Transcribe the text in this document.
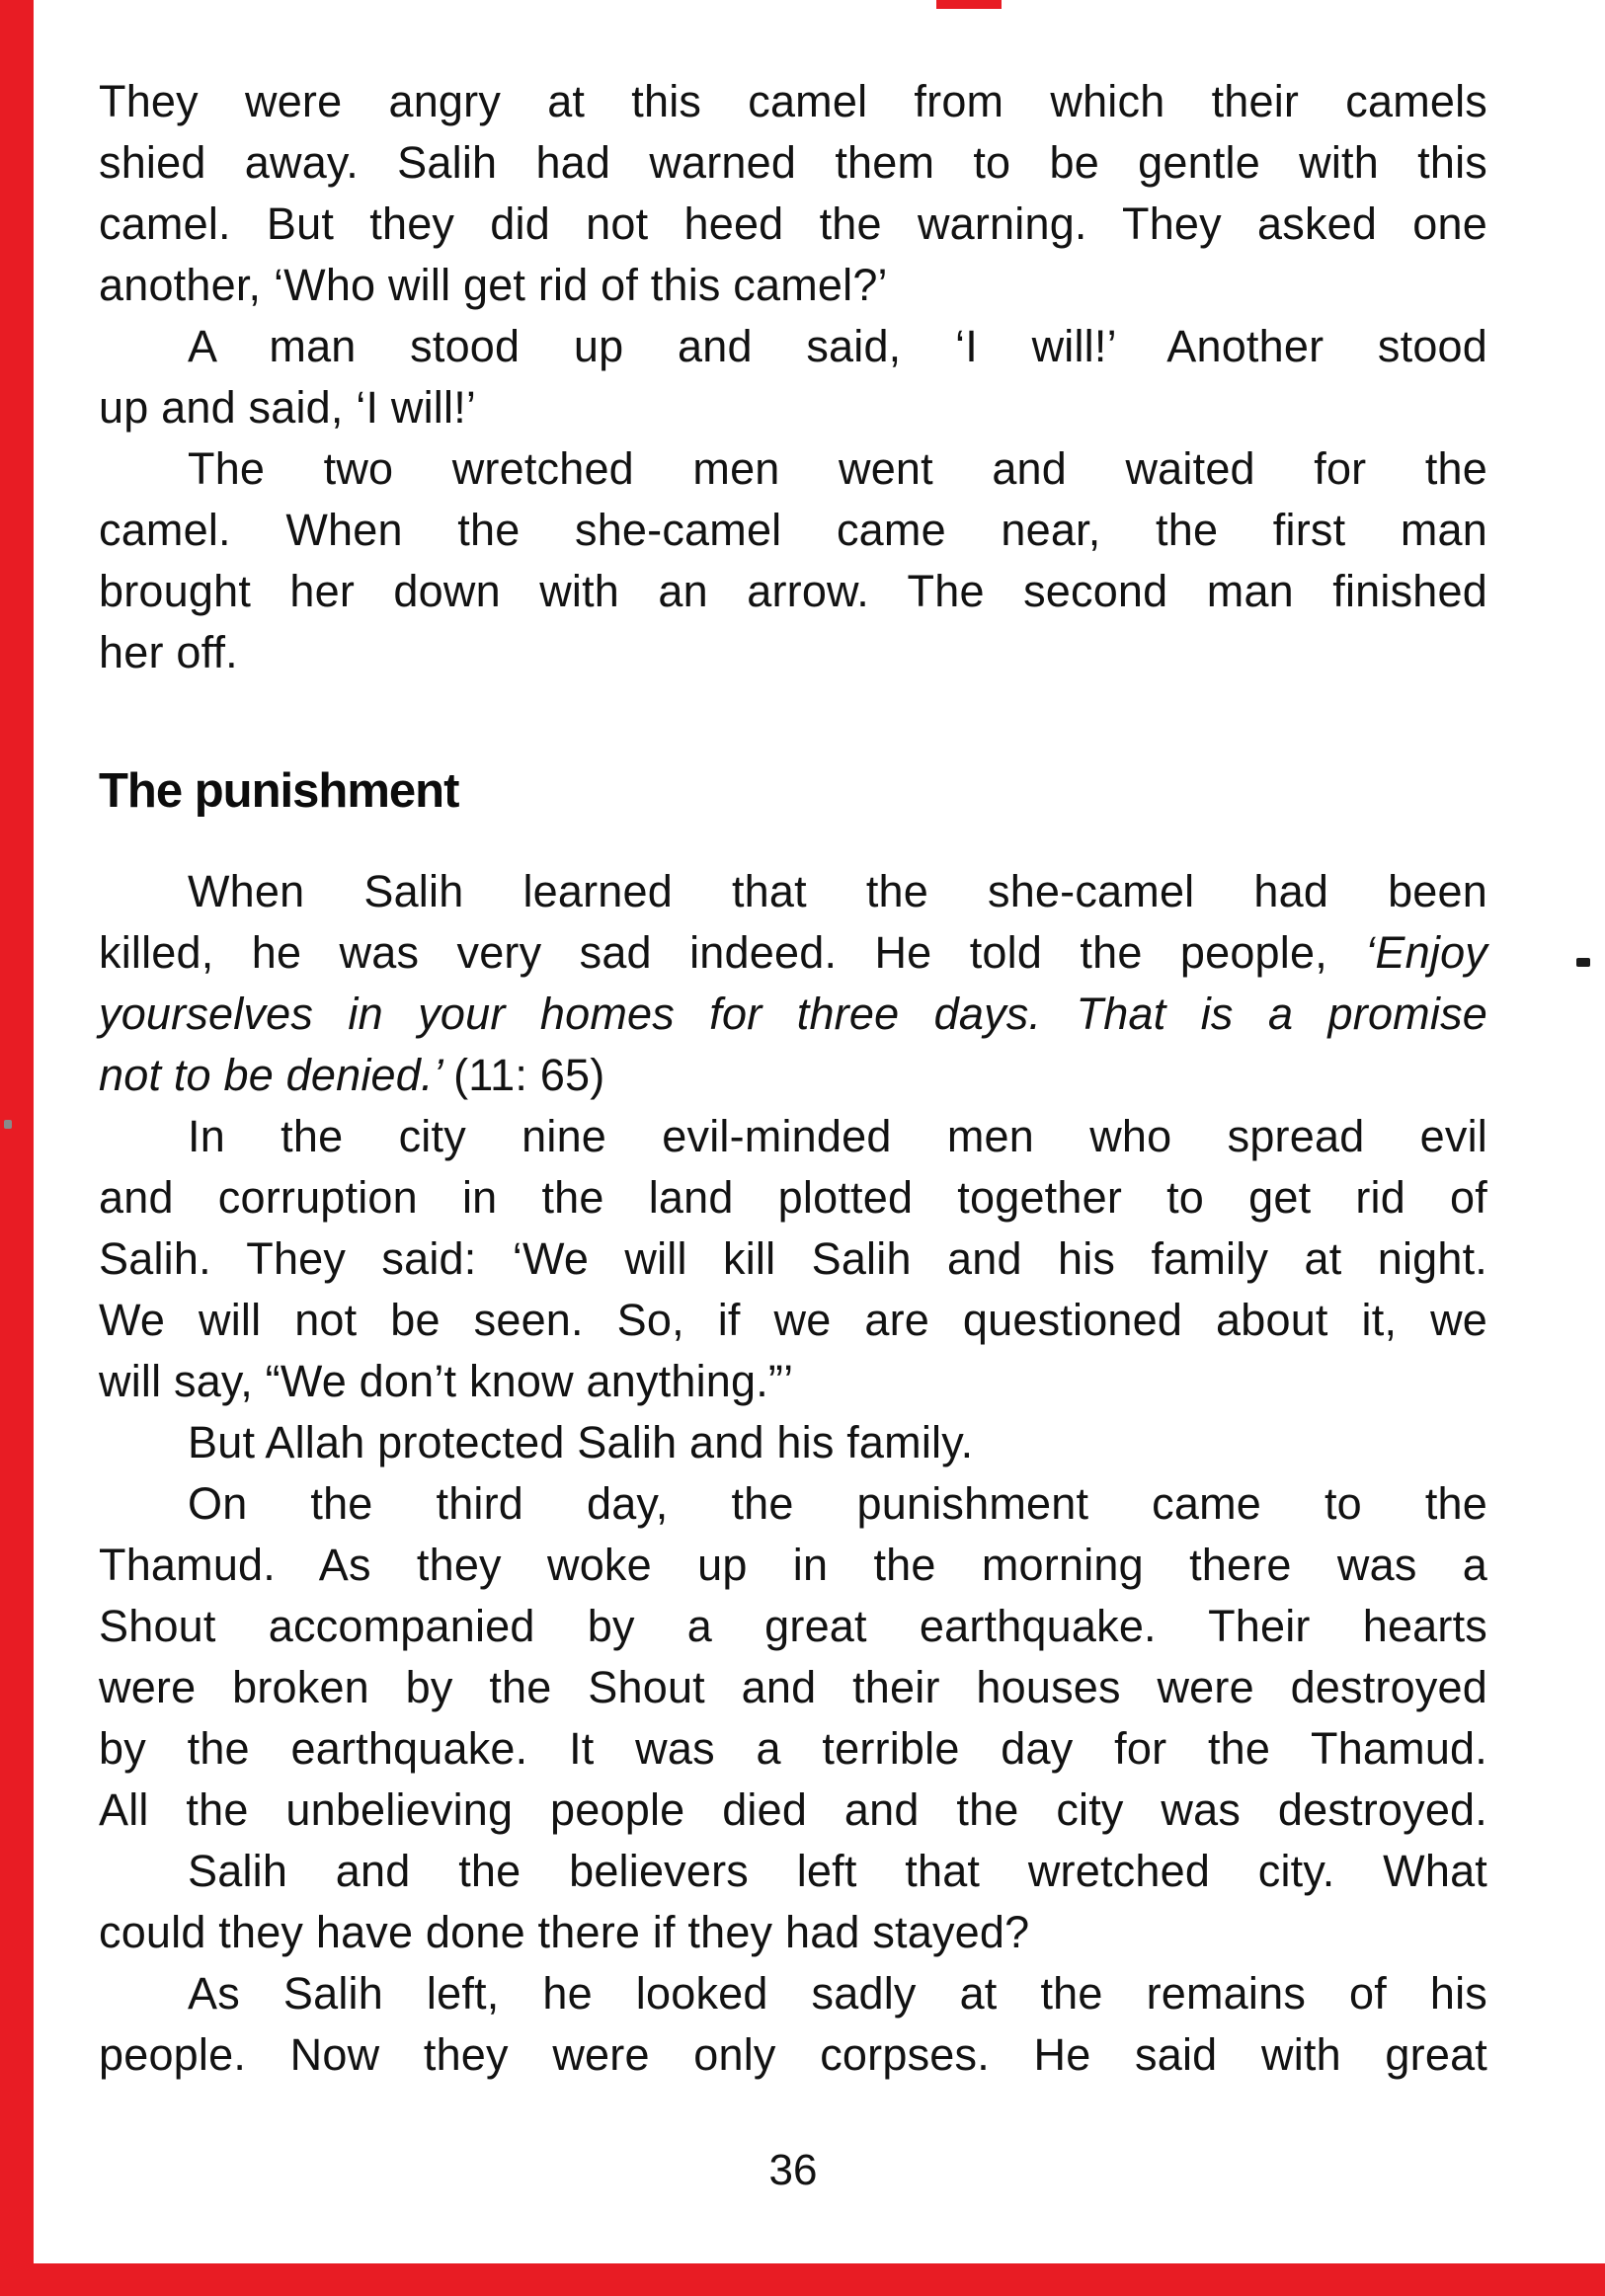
They were angry at this camel from which their camels
shied away. Salih had warned them to be gentle with this
camel. But they did not heed the warning. They asked one
another, ‘Who will get rid of this camel?’
A man stood up and said, ‘I will!’ Another stood
up and said, ‘I will!’
The two wretched men went and waited for the
camel. When the she-camel came near, the first man
brought her down with an arrow. The second man finished
her off.
The punishment
When Salih learned that the she-camel had been
killed, he was very sad indeed. He told the people, ‘Enjoy
yourselves in your homes for three days. That is a promise
not to be denied.’ (11: 65)
In the city nine evil-minded men who spread evil
and corruption in the land plotted together to get rid of
Salih. They said: ‘We will kill Salih and his family at night.
We will not be seen. So, if we are questioned about it, we
will say, “We don’t know anything.”’
But Allah protected Salih and his family.
On the third day, the punishment came to the
Thamud. As they woke up in the morning there was a
Shout accompanied by a great earthquake. Their hearts
were broken by the Shout and their houses were destroyed
by the earthquake. It was a terrible day for the Thamud.
All the unbelieving people died and the city was destroyed.
Salih and the believers left that wretched city. What
could they have done there if they had stayed?
As Salih left, he looked sadly at the remains of his
people. Now they were only corpses. He said with great
36
